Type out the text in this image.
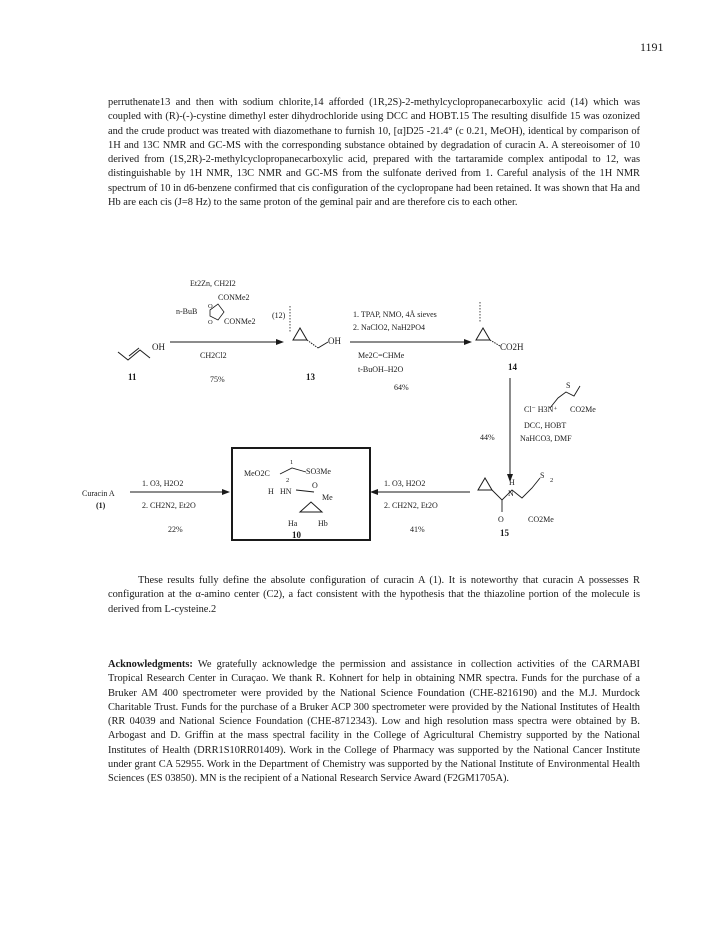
1191
perruthenate13 and then with sodium chlorite,14 afforded (1R,2S)-2-methylcyclopropanecarboxylic acid (14) which was coupled with (R)-(-)-cystine dimethyl ester dihydrochloride using DCC and HOBT.15 The resulting disulfide 15 was ozonized and the crude product was treated with diazomethane to furnish 10, [α]D25 -21.4° (c 0.21, MeOH), identical by comparison of 1H and 13C NMR and GC-MS with the corresponding substance obtained by degradation of curacin A. A stereoisomer of 10 derived from (1S,2R)-2-methylcyclopropanecarboxylic acid, prepared with the tartaramide complex antipodal to 12, was distinguishable by 1H NMR, 13C NMR and GC-MS from the sulfonate derived from 1. Careful analysis of the 1H NMR spectrum of 10 in d6-benzene confirmed that cis configuration of the cyclopropane had been retained. It was shown that Ha and Hb are each cis (J=8 Hz) to the same proton of the geminal pair and are therefore cis to each other.
Et2Zn, CH2I2
CONMe2
n-BuB
CONMe2
(12)
O
O
OH
11
CH2Cl2
75%
OH
13
1. TPAP, NMO, 4Å sieves
2. NaClO2, NaH2PO4
Me2C=CHMe
t-BuOH–H2O
64%
CO2H
14
44%
Cl⁻ H3N⁺ CO2Me
S
DCC, HOBT
NaHCO3, DMF
O
H
N
S
2
CO2Me
15
1. O3, H2O2
2. CH2N2, Et2O
41%
1
MeO2C	SO3Me
2
H HN
O
Me
Ha	Hb
10
Curacin A
(1)
1. O3, H2O2
2. CH2N2, Et2O
22%
These results fully define the absolute configuration of curacin A (1). It is noteworthy that curacin A possesses R configuration at the α-amino center (C2), a fact consistent with the hypothesis that the thiazoline portion of the molecule is derived from L-cysteine.2
Acknowledgments: We gratefully acknowledge the permission and assistance in collection activities of the CARMABI Tropical Research Center in Curaçao. We thank R. Kohnert for help in obtaining NMR spectra. Funds for the purchase of a Bruker AM 400 spectrometer were provided by the National Science Foundation (CHE-8216190) and the M.J. Murdock Charitable Trust. Funds for the purchase of a Bruker ACP 300 spectrometer were provided by the National Institutes of Health (RR 04039 and National Science Foundation (CHE-8712343). Low and high resolution mass spectra were obtained by B. Arbogast and D. Griffin at the mass spectral facility in the College of Agricultural Chemistry supported by the National Institutes of Health (DRR1S10RR01409). Work in the College of Pharmacy was supported by the National Cancer Institute under grant CA 52955. Work in the Department of Chemistry was supported by the National Institute of Environmental Health Sciences (ES 03850). MN is the recipient of a National Research Service Award (F2GM1705A).
